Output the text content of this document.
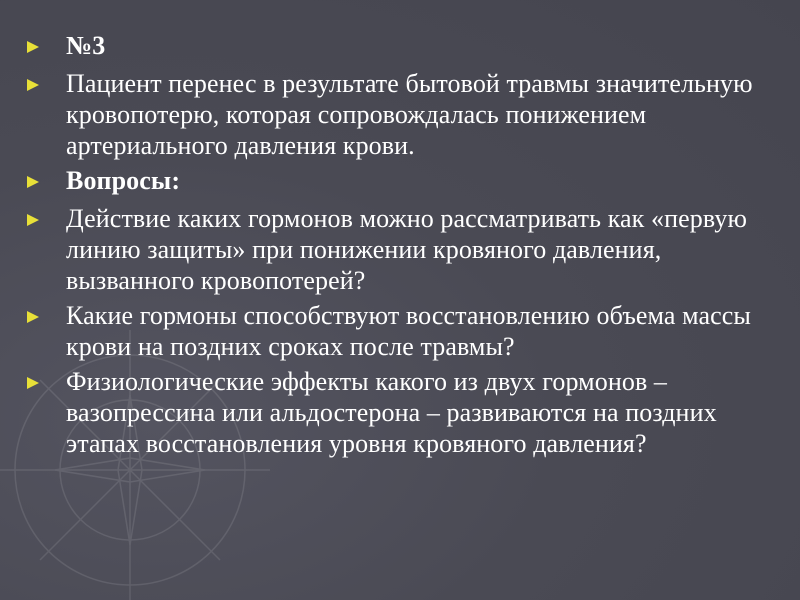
№3
Пациент перенес в результате бытовой травмы значительную кровопотерю, которая сопровождалась понижением артериального давления крови.
Вопросы:
Действие каких гормонов можно рассматривать как «первую линию защиты» при понижении кровяного давления, вызванного кровопотерей?
Какие гормоны способствуют восстановлению объема массы крови на поздних сроках после травмы?
Физиологические эффекты какого из двух гормонов – вазопрессина или альдостерона – развиваются на поздних этапах восстановления уровня кровяного давления?
